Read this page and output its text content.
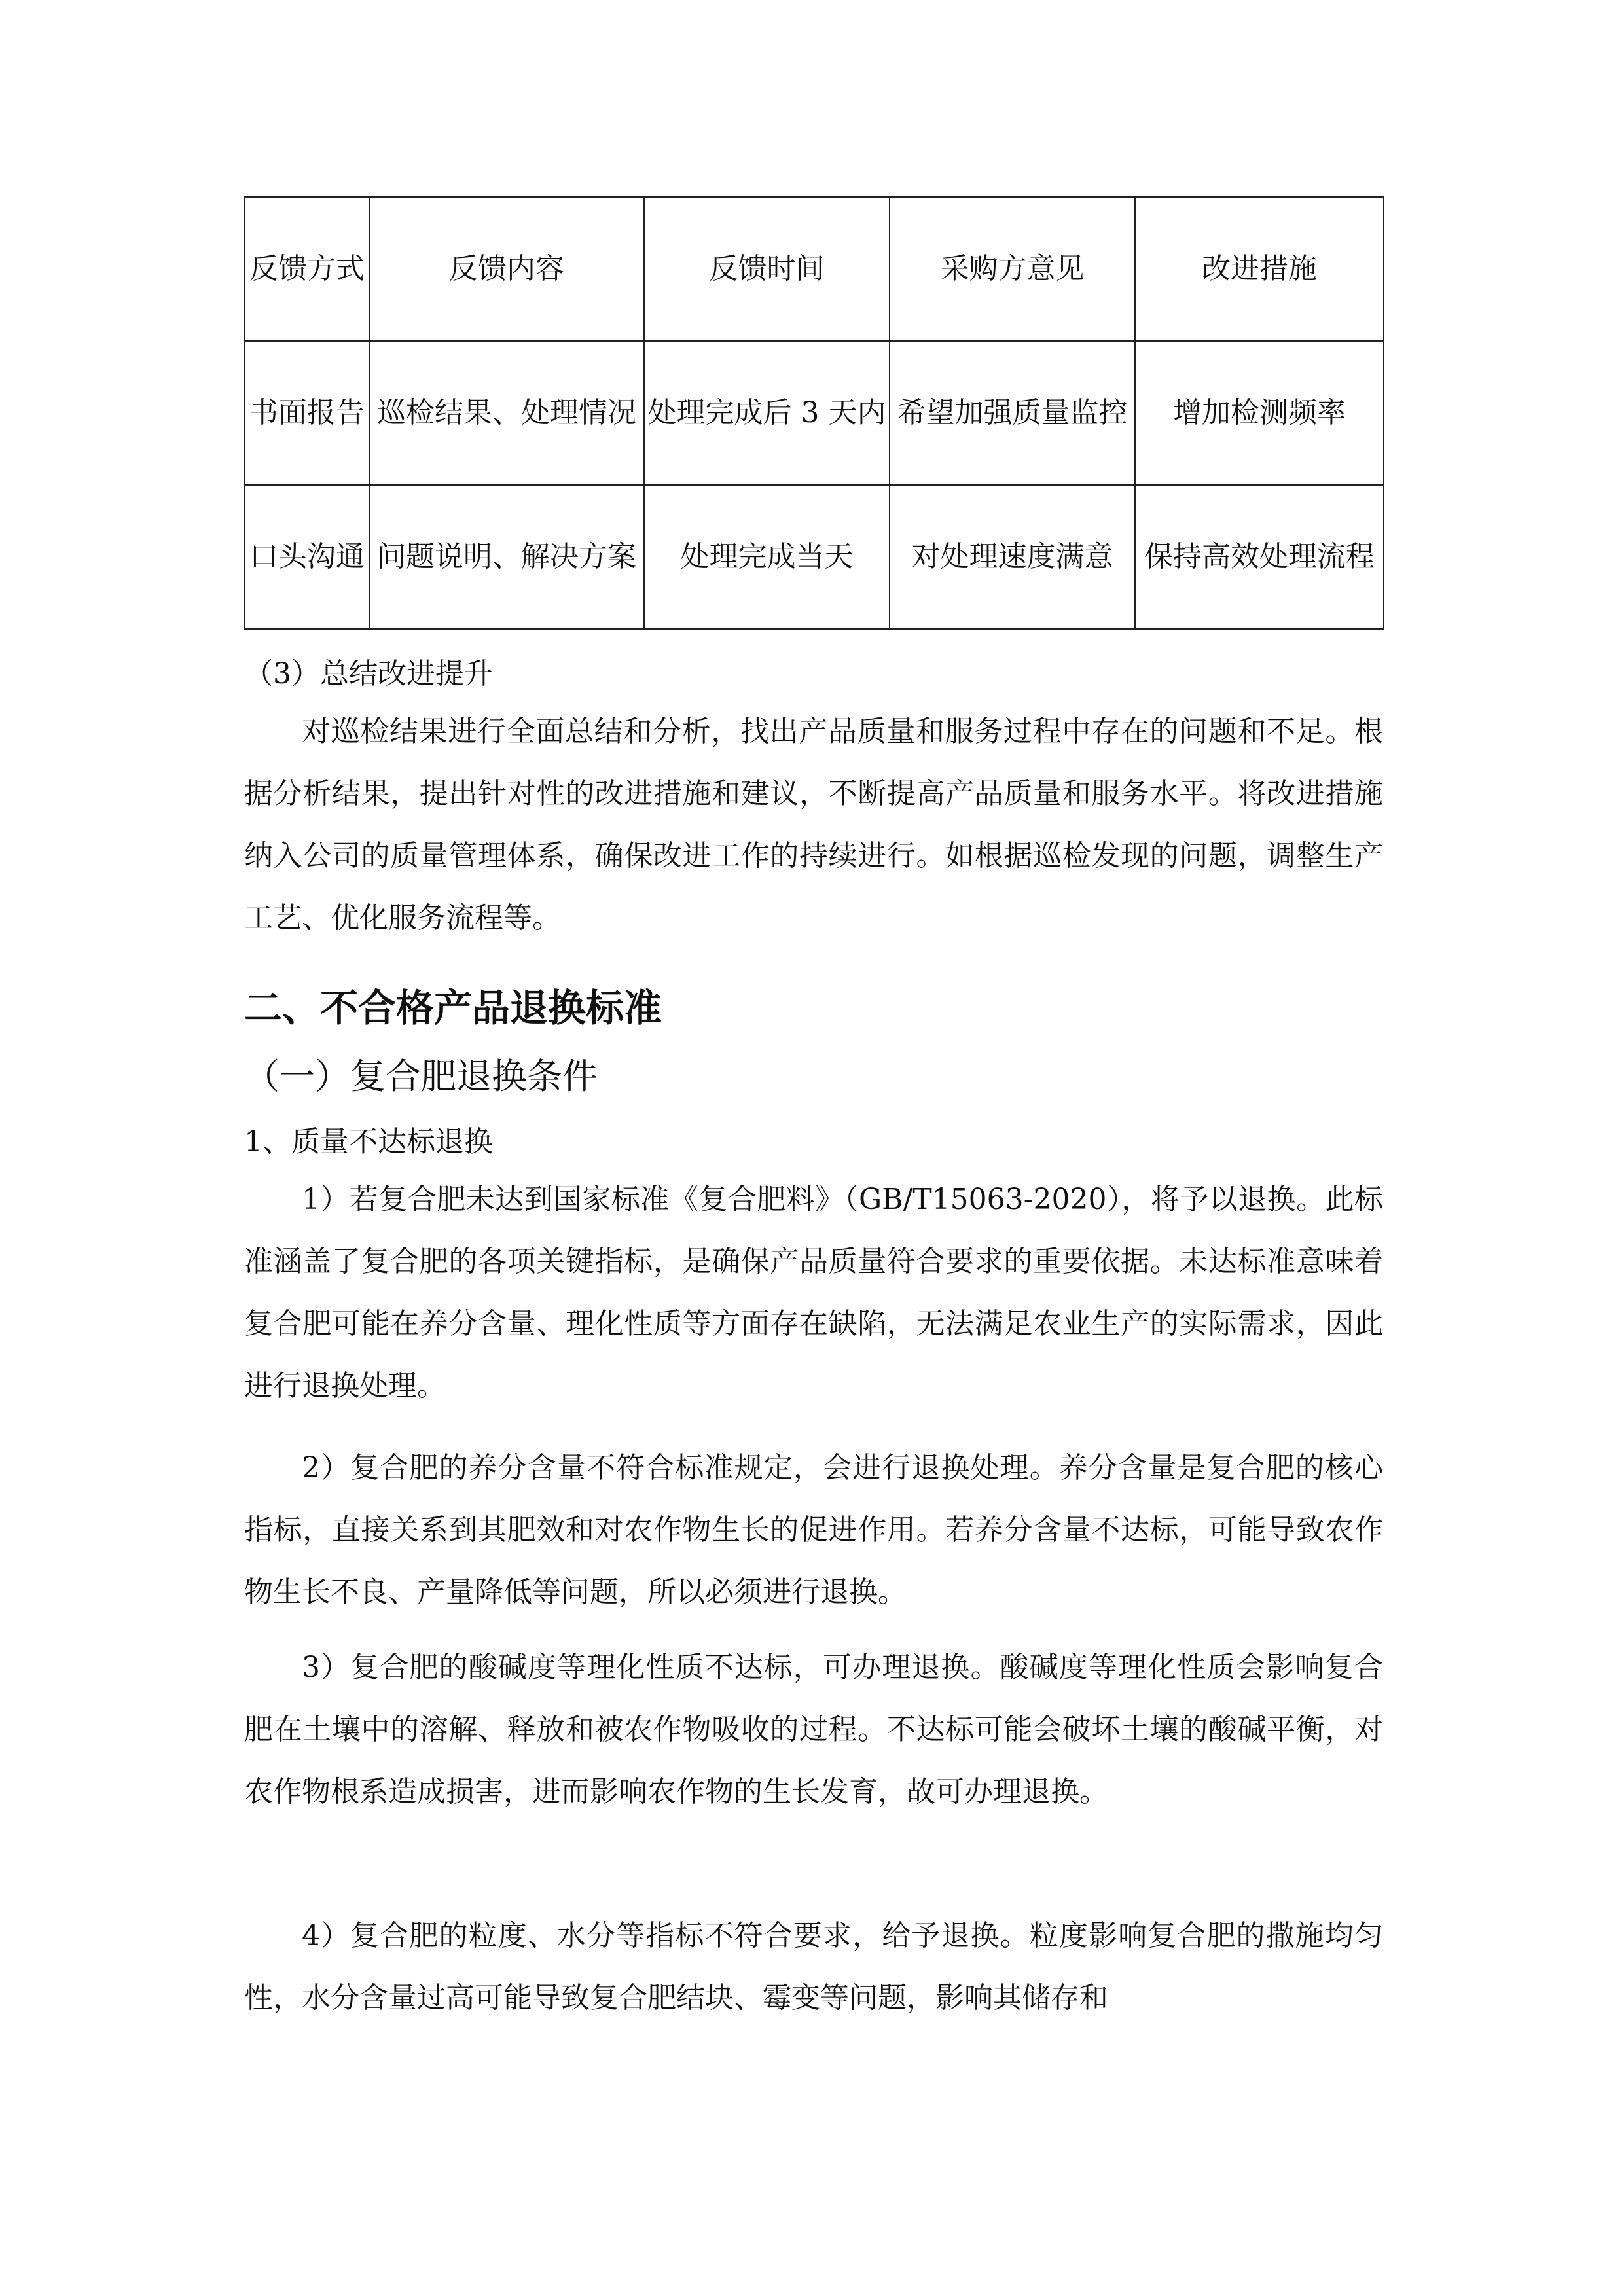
反馈方式	反馈内容	反馈时间	采购方意见	改进措施
书面报告	巡检结果、处理情况	处理完成后 3 天内	希望加强质量监控	增加检测频率
口头沟通	问题说明、解决方案	处理完成当天	对处理速度满意	保持高效处理流程
（3）总结改进提升
对巡检结果进行全面总结和分析，找出产品质量和服务过程中存在的问题和不足。根据分析结果，提出针对性的改进措施和建议，不断提高产品质量和服务水平。将改进措施纳入公司的质量管理体系，确保改进工作的持续进行。如根据巡检发现的问题，调整生产工艺、优化服务流程等。
二、不合格产品退换标准
（一）复合肥退换条件
1、质量不达标退换
1）若复合肥未达到国家标准《复合肥料》（GB/T15063-2020），将予以退换。此标准涵盖了复合肥的各项关键指标，是确保产品质量符合要求的重要依据。未达标准意味着复合肥可能在养分含量、理化性质等方面存在缺陷，无法满足农业生产的实际需求，因此进行退换处理。
2）复合肥的养分含量不符合标准规定，会进行退换处理。养分含量是复合肥的核心指标，直接关系到其肥效和对农作物生长的促进作用。若养分含量不达标，可能导致农作物生长不良、产量降低等问题，所以必须进行退换。
3）复合肥的酸碱度等理化性质不达标，可办理退换。酸碱度等理化性质会影响复合肥在土壤中的溶解、释放和被农作物吸收的过程。不达标可能会破坏土壤的酸碱平衡，对农作物根系造成损害，进而影响农作物的生长发育，故可办理退换。
4）复合肥的粒度、水分等指标不符合要求，给予退换。粒度影响复合肥的撒施均匀性，水分含量过高可能导致复合肥结块、霉变等问题，影响其储存和
